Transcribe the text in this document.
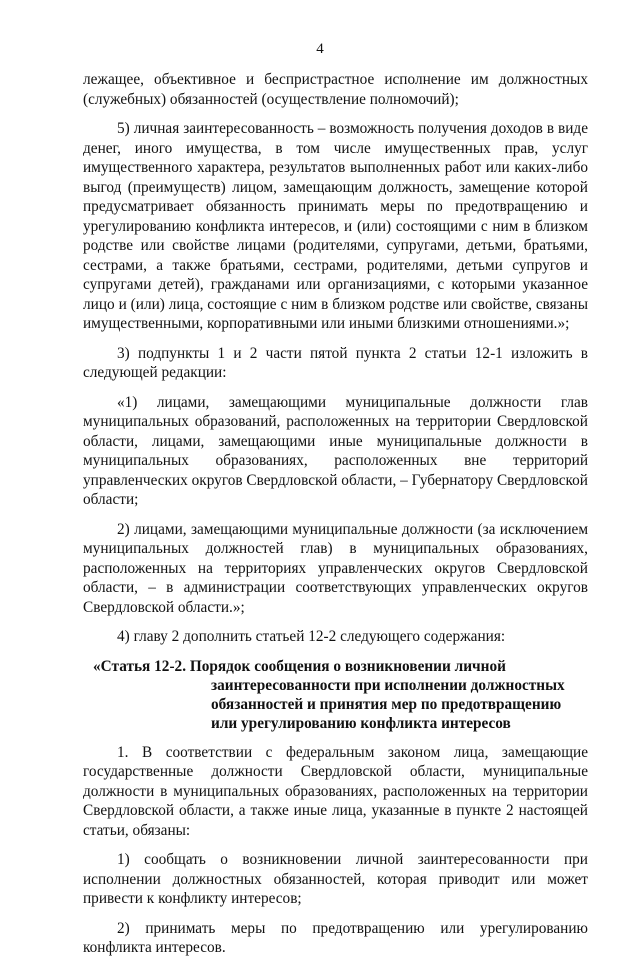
4

лежащее, объективное и беспристрастное исполнение им должностных (служебных) обязанностей (осуществление полномочий);

5) личная заинтересованность – возможность получения доходов в виде денег, иного имущества, в том числе имущественных прав, услуг имущественного характера, результатов выполненных работ или каких-либо выгод (преимуществ) лицом, замещающим должность, замещение которой предусматривает обязанность принимать меры по предотвращению и урегулированию конфликта интересов, и (или) состоящими с ним в близком родстве или свойстве лицами (родителями, супругами, детьми, братьями, сестрами, а также братьями, сестрами, родителями, детьми супругов и супругами детей), гражданами или организациями, с которыми указанное лицо и (или) лица, состоящие с ним в близком родстве или свойстве, связаны имущественными, корпоративными или иными близкими отношениями.»;

3) подпункты 1 и 2 части пятой пункта 2 статьи 12-1 изложить в следующей редакции:

«1) лицами, замещающими муниципальные должности глав муниципальных образований, расположенных на территории Свердловской области, лицами, замещающими иные муниципальные должности в муниципальных образованиях, расположенных вне территорий управленческих округов Свердловской области, – Губернатору Свердловской области;

2) лицами, замещающими муниципальные должности (за исключением муниципальных должностей глав) в муниципальных образованиях, расположенных на территориях управленческих округов Свердловской области, – в администрации соответствующих управленческих округов Свердловской области.»;

4) главу 2 дополнить статьей 12-2 следующего содержания:

«Статья 12-2. Порядок сообщения о возникновении личной
заинтересованности при исполнении должностных обязанностей и принятия мер по предотвращению или урегулированию конфликта интересов

1. В соответствии с федеральным законом лица, замещающие государственные должности Свердловской области, муниципальные должности в муниципальных образованиях, расположенных на территории Свердловской области, а также иные лица, указанные в пункте 2 настоящей статьи, обязаны:

1) сообщать о возникновении личной заинтересованности при исполнении должностных обязанностей, которая приводит или может привести к конфликту интересов;

2) принимать меры по предотвращению или урегулированию конфликта интересов.
